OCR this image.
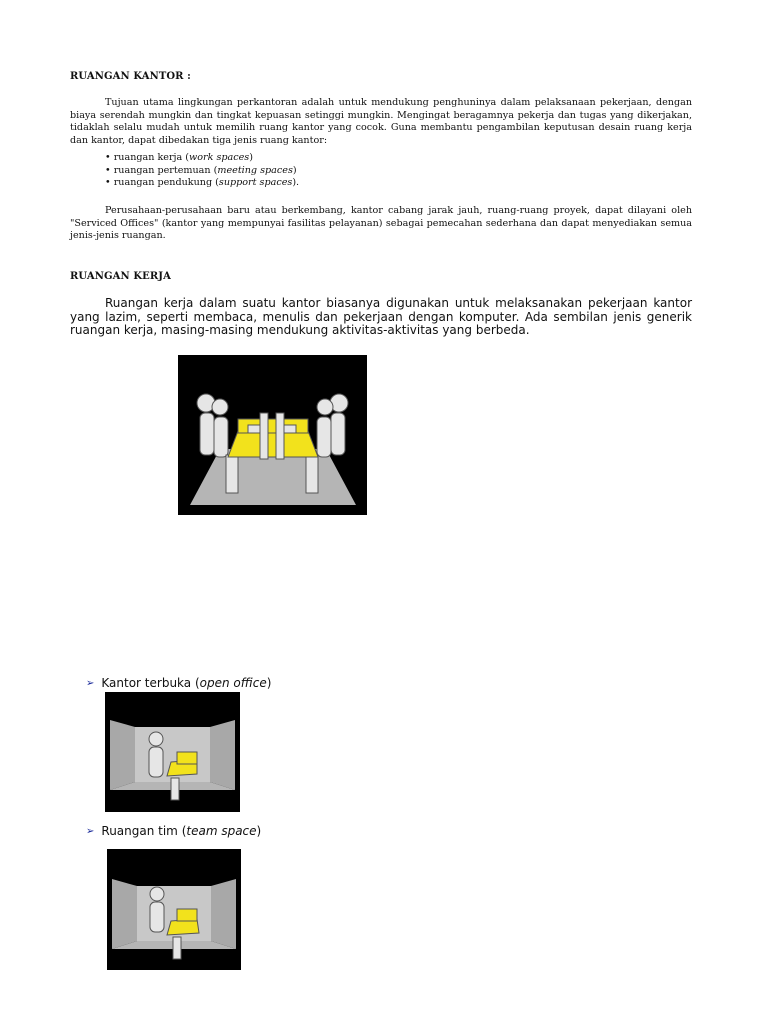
RUANGAN KANTOR :

Tujuan utama lingkungan perkantoran adalah untuk mendukung penghuninya dalam pelaksanaan pekerjaan, dengan biaya serendah mungkin dan tingkat kepuasan setinggi mungkin. Mengingat beragamnya pekerja dan tugas yang dikerjakan, tidaklah selalu mudah untuk memilih ruang kantor yang cocok. Guna membantu pengambilan keputusan desain ruang kerja dan kantor, dapat dibedakan tiga jenis ruang kantor:

• ruangan kerja (work spaces)
• ruangan pertemuan (meeting spaces)
• ruangan pendukung (support spaces).

Perusahaan-perusahaan baru atau berkembang, kantor cabang jarak jauh, ruang-ruang proyek, dapat dilayani oleh "Serviced Offices" (kantor yang mempunyai fasilitas pelayanan) sebagai pemecahan sederhana dan dapat menyediakan semua jenis-jenis ruangan.

RUANGAN KERJA

Ruangan kerja dalam suatu kantor biasanya digunakan untuk melaksanakan pekerjaan kantor yang lazim, seperti membaca, menulis dan pekerjaan dengan komputer. Ada sembilan jenis generik ruangan kerja, masing-masing mendukung aktivitas-aktivitas yang berbeda.

➢ Kantor terbuka (open office)
➢ Ruangan tim (team space)
